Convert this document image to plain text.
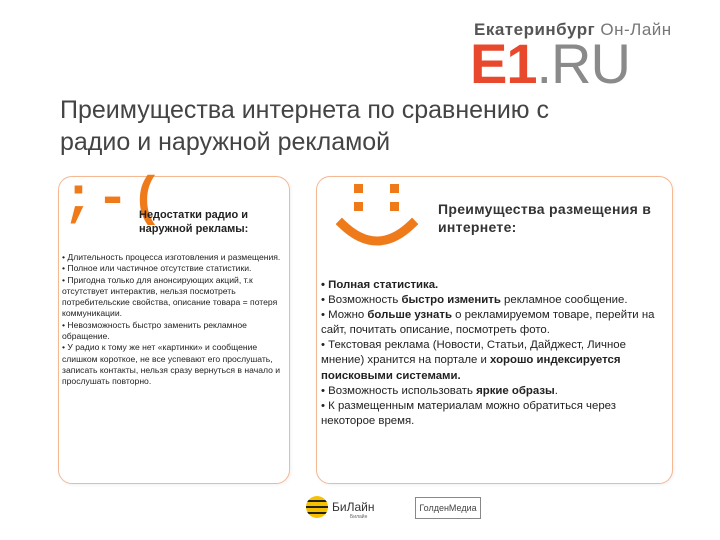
Екатеринбург Он-Лайн
E1.RU
Преимущества интернета по сравнению с радио и наружной рекламой
;-(
Недостатки радио и наружной рекламы:

• Длительность процесса изготовления и размещения.

• Полное или частичное отсутствие статистики.

• Пригодна только для анонсирующих акций, т.к отсутствует интерактив, нельзя посмотреть потребительские свойства, описание товара = потеря коммуникации.

• Невозможность быстро заменить рекламное обращение.

• У радио к тому же нет «картинки» и сообщение слишком короткое, не все успевают его прослушать, записать контакты, нельзя сразу вернуться в начало и прослушать повторно.

Преимущества размещения в интернете:

• Полная статистика.

• Возможность быстро изменить рекламное сообщение.

• Можно больше узнать о рекламируемом товаре, перейти на сайт, почитать описание, посмотреть фото.

• Текстовая реклама (Новости, Статьи, Дайджест, Личное мнение) хранится на портале и хорошо индексируется поисковыми системами.

• Возможность использовать яркие образы.

• К размещенным материалам можно обратиться через некоторое время.

БиЛайн
Билайн
ГолденМедиа
